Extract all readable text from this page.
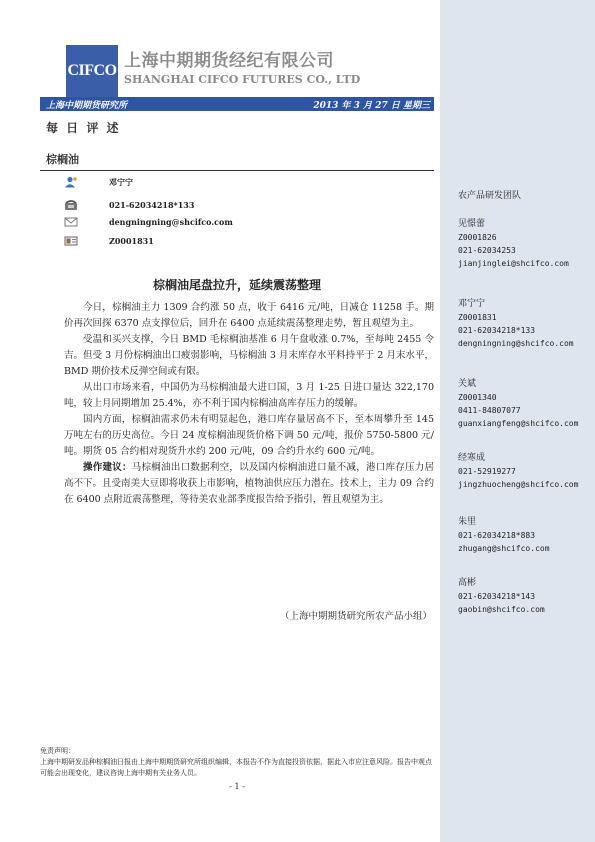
农产品研发团队
见憬蕾
Z0001826
021-62034253
jianjinglei@shcifco.com
邓宁宁
Z0001831
021-62034218*133
dengningning@shcifco.com
关斌
Z0001340
0411-84807077
guanxiangfeng@shcifco.com
经寒成
021-52919277
jingzhuocheng@shcifco.com
朱里
021-62034218*883
zhugang@shcifco.com
高彬
021-62034218*143
gaobin@shcifco.com
CIFCO 上海中期期货经纪有限公司
SHANGHAI CIFCO FUTURES CO., LTD
上海中期期货研究所	2013 年 3 月 27 日 星期三
每 日 评 述
棕榈油
邓宁宁
021-62034218*133
dengningning@shcifco.com
Z0001831
棕榈油尾盘拉升，延续震荡整理

今日，棕榈油主力 1309 合约涨 50 点，收于 6416 元/吨，日减仓 11258 手。期价再次回探 6370 点支撑位后，回升在 6400 点延续震荡整理走势，暂且观望为主。

受温和买兴支撑，今日 BMD 毛棕榈油基准 6 月午盘收涨 0.7%，至每吨 2455 令吉。但受 3 月份棕榈油出口疲弱影响，马棕榈油 3 月末库存水平料持平于 2 月末水平，BMD 期价技术反弹空间或有限。

从出口市场来看，中国仍为马棕榈油最大进口国，3 月 1-25 日进口量达 322,170 吨，较上月同期增加 25.4%，亦不利于国内棕榈油高库存压力的缓解。

国内方面，棕榈油需求仍未有明显起色，港口库存量居高不下，至本周攀升至 145 万吨左右的历史高位。今日 24 度棕榈油现货价格下调 50 元/吨，报价 5750-5800 元/吨。期货 05 合约相对现货升水约 200 元/吨，09 合约升水约 600 元/吨。

操作建议：马棕榈油出口数据利空，以及国内棕榈油进口量不减，港口库存压力居高不下。且受南美大豆即将收获上市影响，植物油供应压力潜在。技术上，主力 09 合约在 6400 点附近震荡整理，等待美农业部季度报告给予指引，暂且观望为主。

（上海中期期货研究所农产品小组）
免责声明：
上海中期研发品种棕榈油日报由上海中期期货研究所组织编辑，本报告不作为直接投资依据，据此入市应注意风险。报告中观点可能会出现变化，建议咨询上海中期有关业务人员。
- 1 -
